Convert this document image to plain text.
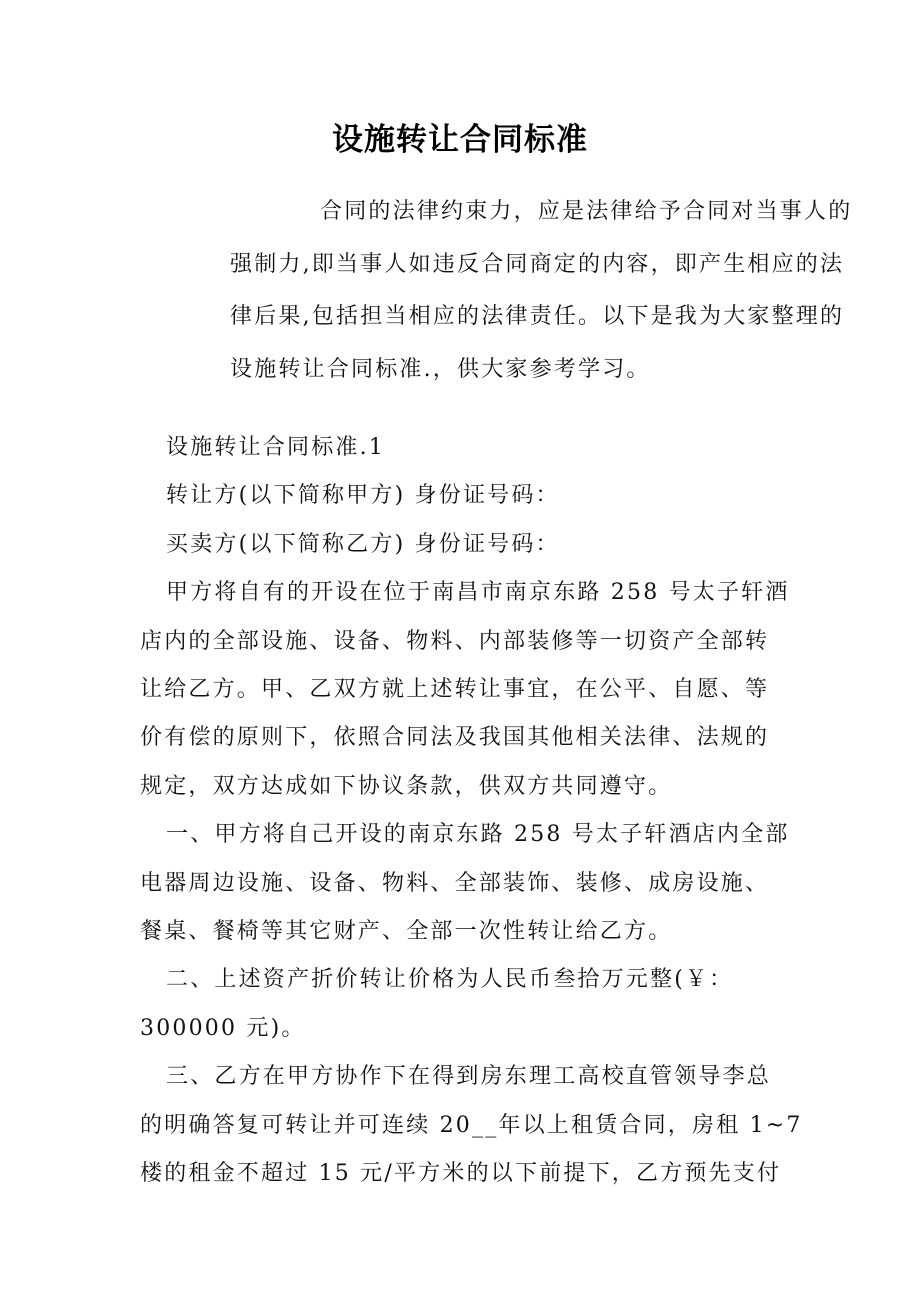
设施转让合同标准
合同的法律约束力，应是法律给予合同对当事人的
强制力,即当事人如违反合同商定的内容，即产生相应的法
律后果,包括担当相应的法律责任。以下是我为大家整理的
设施转让合同标准.，供大家参考学习。
设施转让合同标准.1
转让方(以下简称甲方) 身份证号码：
买卖方(以下简称乙方) 身份证号码：
甲方将自有的开设在位于南昌市南京东路 258 号太子轩酒
店内的全部设施、设备、物料、内部装修等一切资产全部转
让给乙方。甲、乙双方就上述转让事宜，在公平、自愿、等
价有偿的原则下，依照合同法及我国其他相关法律、法规的
规定，双方达成如下协议条款，供双方共同遵守。
一、甲方将自己开设的南京东路 258 号太子轩酒店内全部
电器周边设施、设备、物料、全部装饰、装修、成房设施、
餐桌、餐椅等其它财产、全部一次性转让给乙方。
二、上述资产折价转让价格为人民币叁拾万元整(￥：
300000 元)。
三、乙方在甲方协作下在得到房东理工高校直管领导李总
的明确答复可转让并可连续 20__年以上租赁合同，房租 1~7
楼的租金不超过 15 元/平方米的以下前提下，乙方预先支付
